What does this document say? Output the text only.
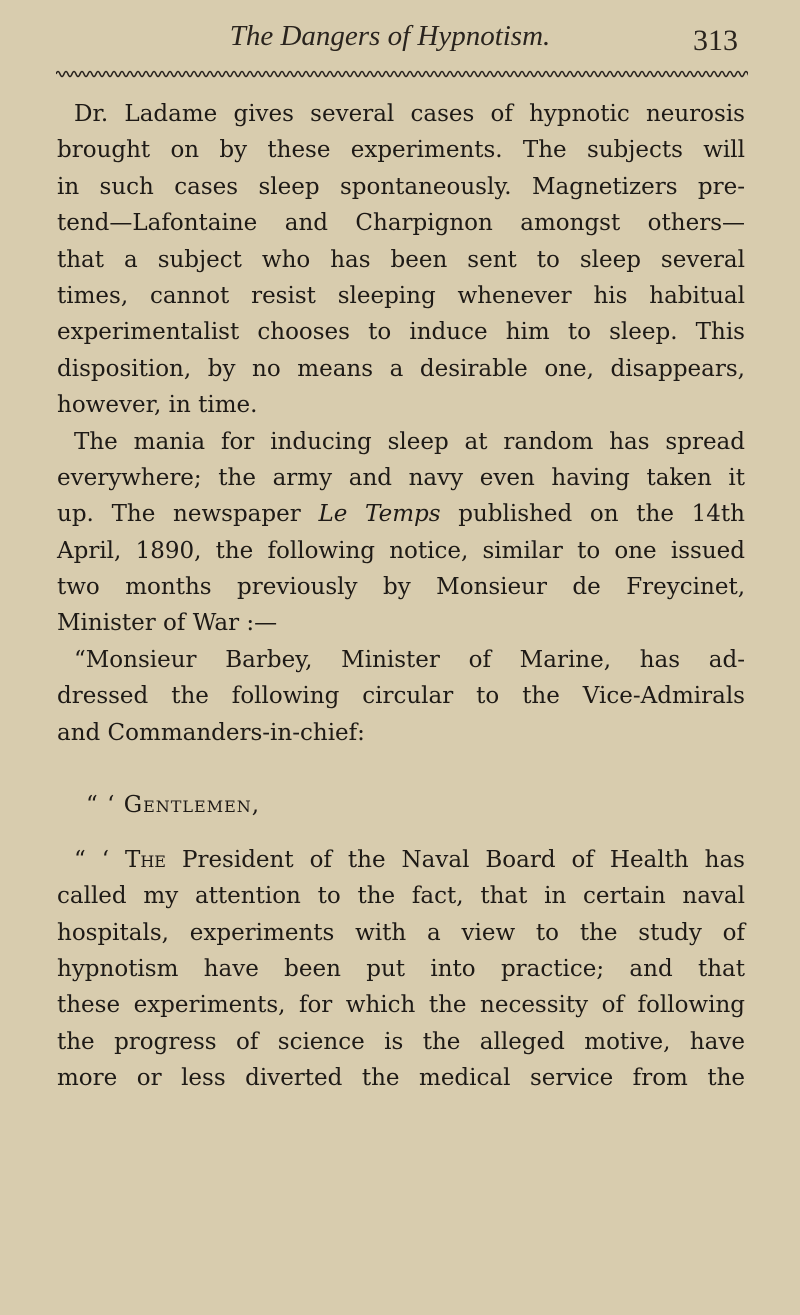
The Dangers of Hypnotism.	313
Dr. Ladame gives several cases of hypnotic neurosis
brought on by these experiments. The subjects will
in such cases sleep spontaneously. Magnetizers pre-
tend—Lafontaine and Charpignon amongst others—
that a subject who has been sent to sleep several
times, cannot resist sleeping whenever his habitual
experimentalist chooses to induce him to sleep. This
disposition, by no means a desirable one, disappears,
however, in time.
The mania for inducing sleep at random has spread
everywhere; the army and navy even having taken it
up. The newspaper Le Temps published on the 14th
April, 1890, the following notice, similar to one issued
two months previously by Monsieur de Freycinet,
Minister of War :—
“Monsieur Barbey, Minister of Marine, has ad-
dressed the following circular to the Vice-Admirals
and Commanders-in-chief:
“ ‘ Gentlemen,
“ ‘ The President of the Naval Board of Health has
called my attention to the fact, that in certain naval
hospitals, experiments with a view to the study of
hypnotism have been put into practice; and that
these experiments, for which the necessity of following
the progress of science is the alleged motive, have
more or less diverted the medical service from the
